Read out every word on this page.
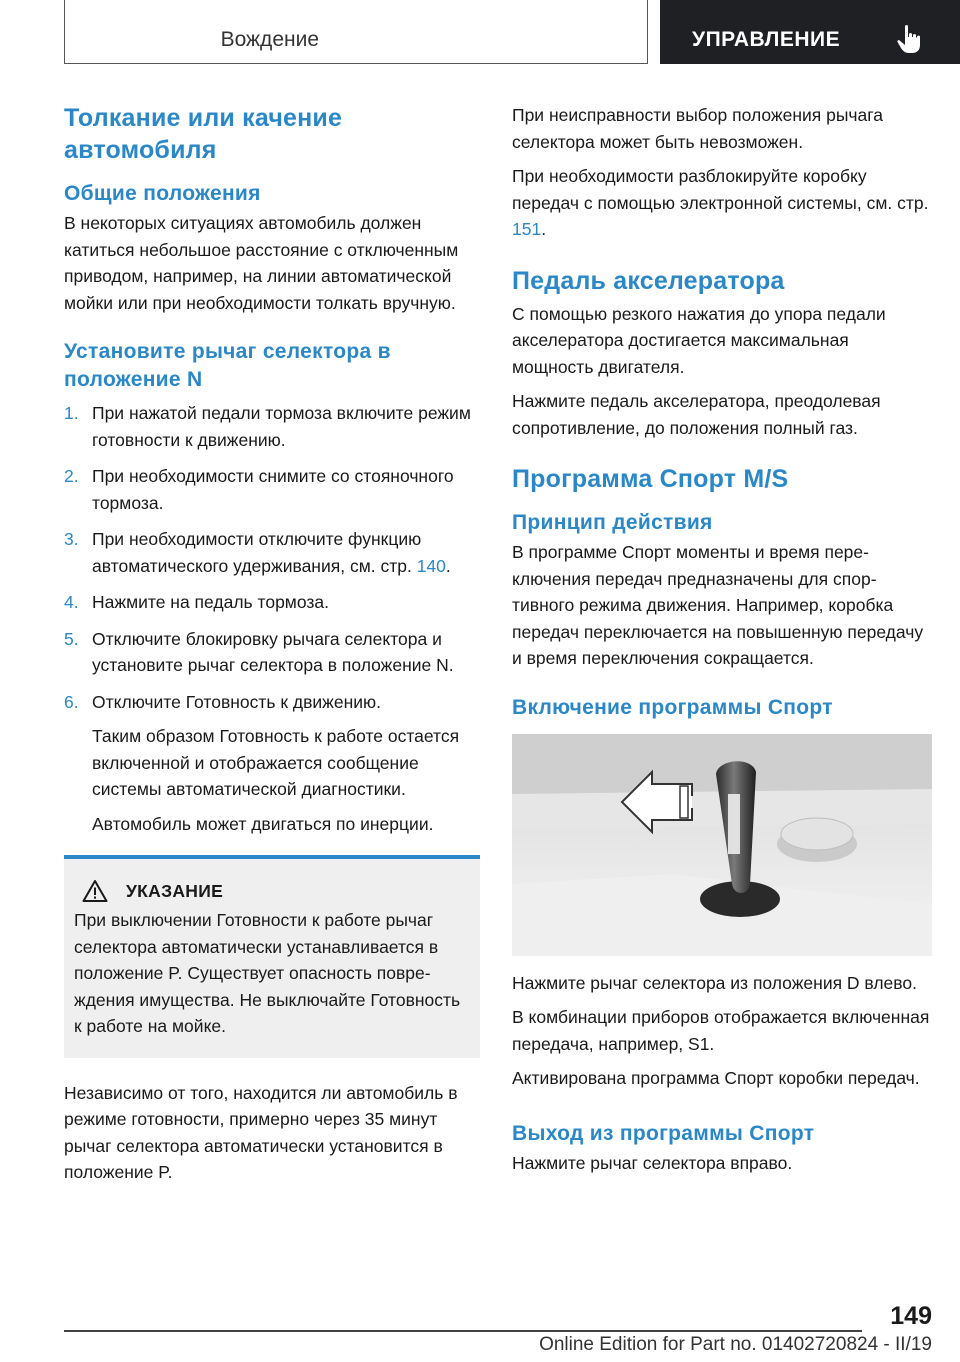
Вождение	УПРАВЛЕНИЕ
Толкание или качение автомобиля
Общие положения
В некоторых ситуациях автомобиль должен катиться небольшое расстояние с отключенным приводом, например, на линии автоматической мойки или при необходимости толкать вручную.
Установите рычаг селектора в положение N
1. При нажатой педали тормоза включите режим готовности к движению.
2. При необходимости снимите со стояночного тормоза.
3. При необходимости отключите функцию автоматического удерживания, см. стр. 140.
4. Нажмите на педаль тормоза.
5. Отключите блокировку рычага селектора и установите рычаг селектора в положение N.
6. Отключите Готовность к движению.
Таким образом Готовность к работе остается включенной и отображается сообщение системы автоматической диагностики.
Автомобиль может двигаться по инерции.
УКАЗАНИЕ
При выключении Готовности к работе рычаг селектора автоматически устанавливается в положение P. Существует опасность повреждения имущества. Не выключайте Готовность к работе на мойке.
Независимо от того, находится ли автомобиль в режиме готовности, примерно через 35 минут рычаг селектора автоматически установится в положение P.
При неисправности выбор положения рычага селектора может быть невозможен.
При необходимости разблокируйте коробку передач с помощью электронной системы, см. стр. 151.
Педаль акселератора
С помощью резкого нажатия до упора педали акселератора достигается максимальная мощность двигателя.
Нажмите педаль акселератора, преодолевая сопротивление, до положения полный газ.
Программа Спорт M/S
Принцип действия
В программе Спорт моменты и время переключения передач предназначены для спортивного режима движения. Например, коробка передач переключается на повышенную передачу и время переключения сокращается.
Включение программы Спорт
Нажмите рычаг селектора из положения D влево.
В комбинации приборов отображается включенная передача, например, S1.
Активирована программа Спорт коробки передач.
Выход из программы Спорт
Нажмите рычаг селектора вправо.
149
Online Edition for Part no. 01402720824 - II/19
